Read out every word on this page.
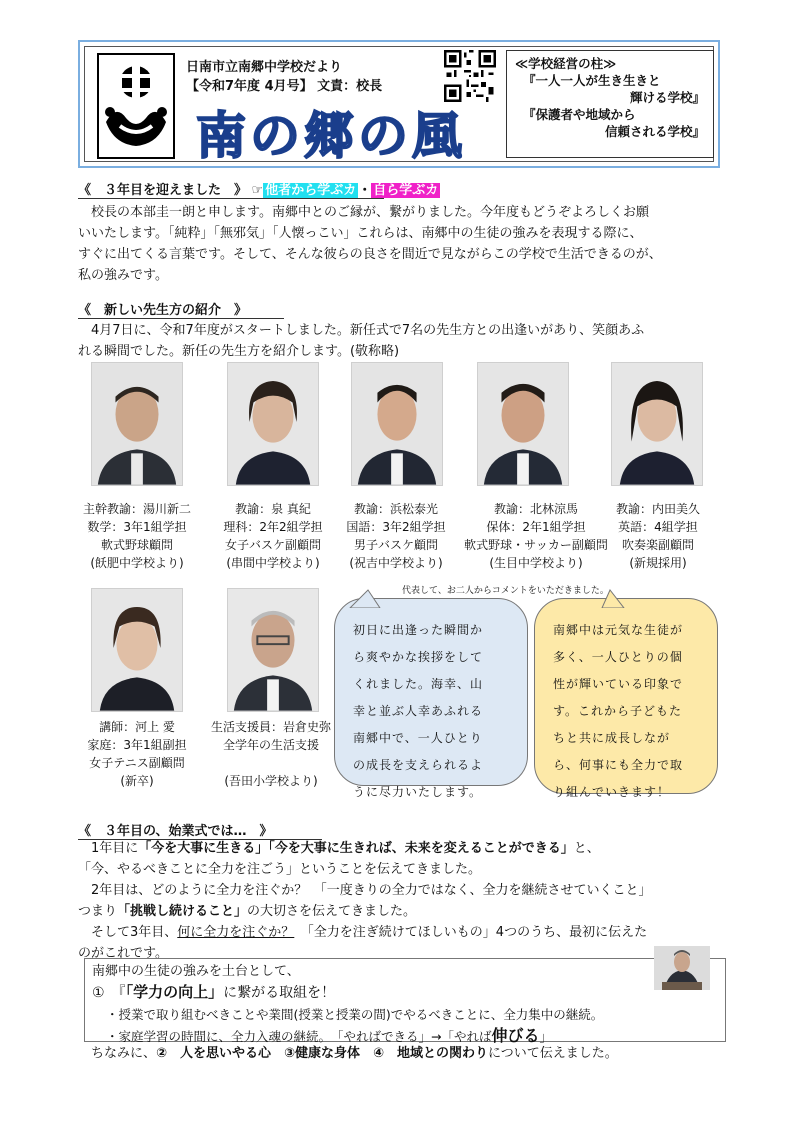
日南市立南郷中学校だより
【令和7年度 4月号】 文責：校長
南の郷の風
≪学校経営の柱≫
『一人一人が生き生きと
輝ける学校』
『保護者や地域から
信頼される学校』
《　３年目を迎えました　》 ☞ 他者から学ぶカ ・ 自ら学ぶカ
　校長の本部圭一朗と申します。南郷中とのご縁が、繋がりました。今年度もどうぞよろしくお願
いいたします。「純粋」「無邪気」「人懐っこい」これらは、南郷中の生徒の強みを表現する際に、
すぐに出てくる言葉です。そして、そんな彼らの良さを間近で見ながらこの学校で生活できるのが、
私の強みです。
《　新しい先生方の紹介　》
　4月7日に、令和7年度がスタートしました。新任式で7名の先生方との出逢いがあり、笑顔あふ
れる瞬間でした。新任の先生方を紹介します。(敬称略)
主幹教諭：湯川新二
数学：3年1組学担
軟式野球顧問
(飫肥中学校より)
教諭：泉 真紀
理科：2年2組学担
女子バスケ副顧問
(串間中学校より)
教諭：浜松泰光
国語：3年2組学担
男子バスケ顧問
(祝吉中学校より)
教諭：北林涼馬
保体：2年1組学担
軟式野球・サッカー副顧問
(生目中学校より)
教諭：内田美久
英語：4組学担
吹奏楽副顧問
(新規採用)
代表して、お二人からコメントをいただきました。
講師：河上 愛
家庭：3年1組副担
女子テニス副顧問
(新卒)
生活支援員：岩倉史弥
全学年の生活支援
(吾田小学校より)
初日に出逢った瞬間か
ら爽やかな挨拶をして
くれました。海幸、山
幸と並ぶ人幸あふれる
南郷中で、一人ひとり
の成長を支えられるよ
うに尽力いたします。
南郷中は元気な生徒が
多く、一人ひとりの個
性が輝いている印象で
す。これから子どもた
ちと共に成長しなが
ら、何事にも全力で取
り組んでいきます！
《　３年目の、始業式では…　》
　1年目に「今を大事に生きる」「今を大事に生きれば、未来を変えることができる」と、
「今、やるべきことに全力を注ごう」ということを伝えてきました。
　2年目は、どのように全力を注ぐか？　「一度きりの全力ではなく、全力を継続させていくこと」
つまり「挑戦し続けること」の大切さを伝えてきました。
　そして3年目、何に全力を注ぐか？　「全力を注ぎ続けてほしいもの」4つのうち、最初に伝えた
のがこれです。
南郷中の生徒の強みを土台として、
①　『「学力の向上」に繋がる取組を！
・授業で取り組むべきことや業間(授業と授業の間)でやるべきことに、全力集中の継続。
・家庭学習の時間に、全力入魂の継続。　「やればできる」→「やれば伸びる」
　ちなみに、②　人を思いやる心　③健康な身体　④　地域との関わりについて伝えました。
